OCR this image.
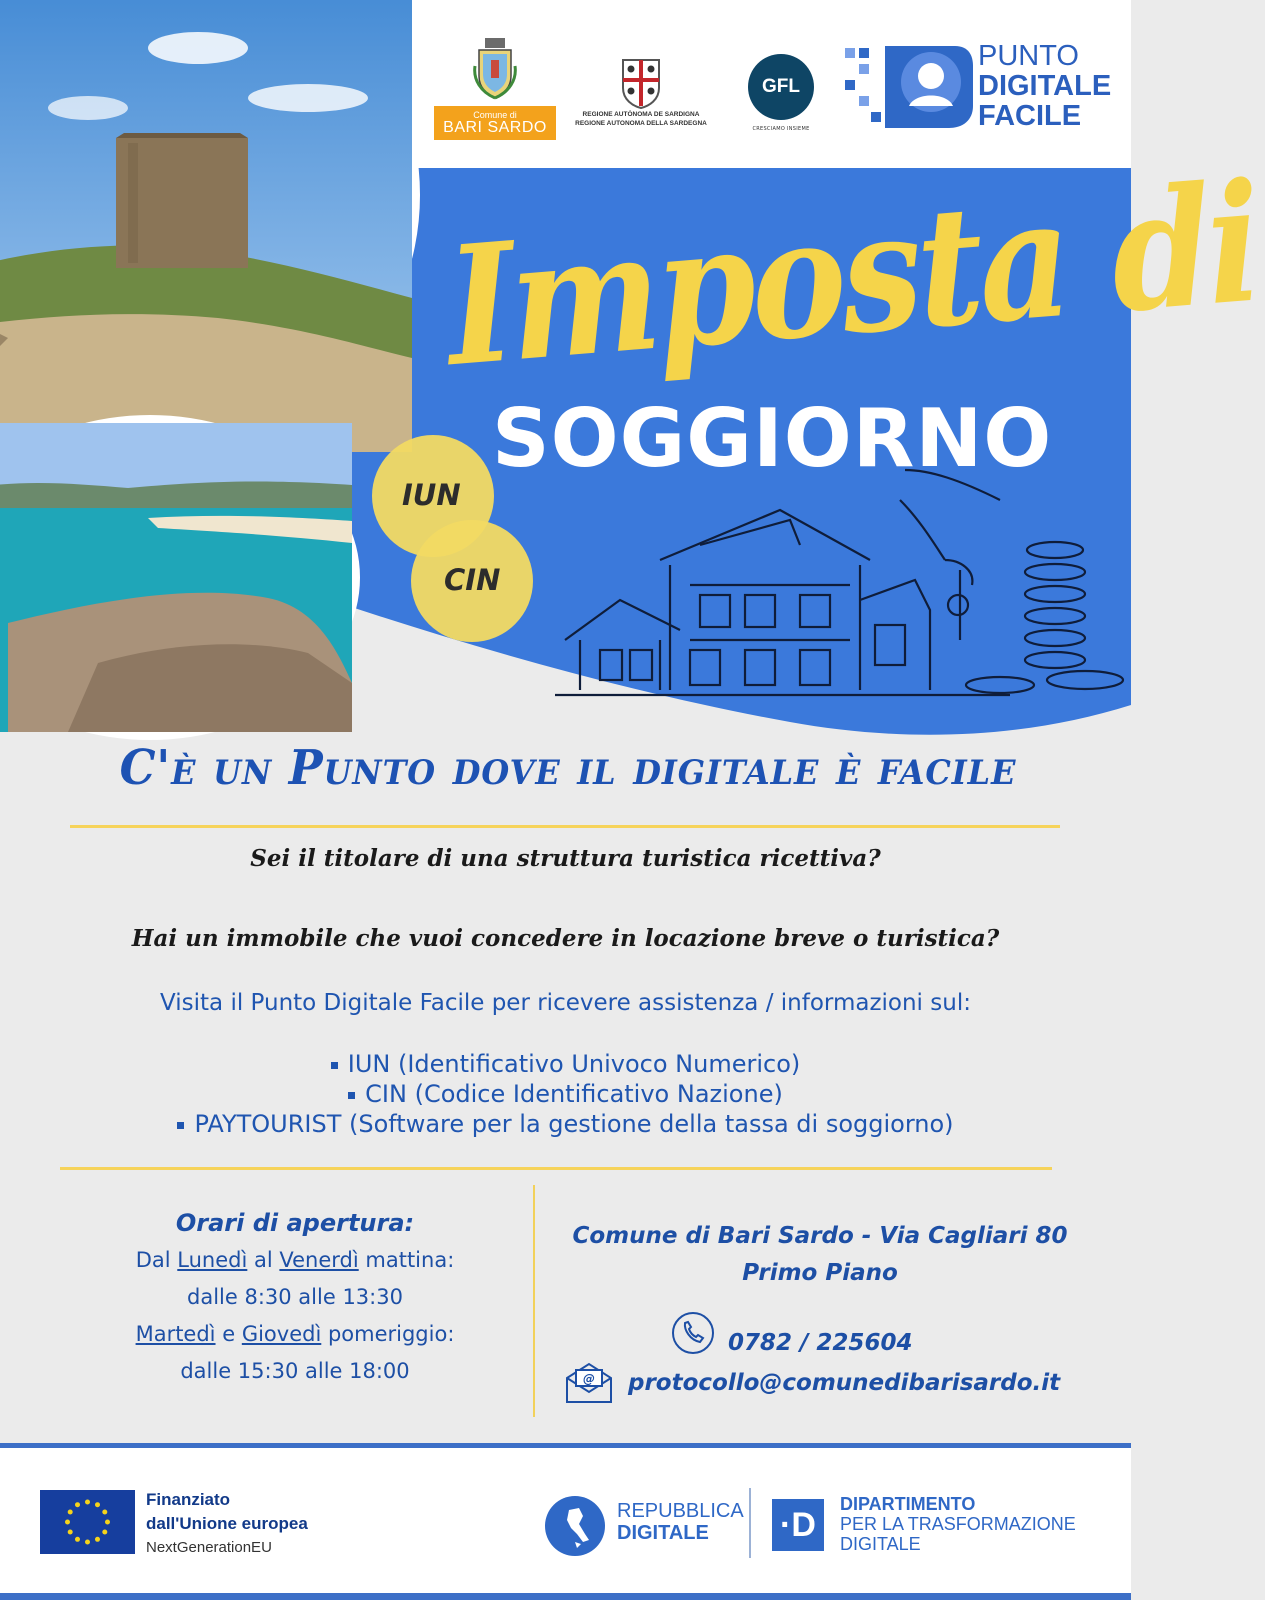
Comune di
BARI SARDO
REGIONE AUTÒNOMA DE SARDIGNA
REGIONE AUTONOMA DELLA SARDEGNA
GFL
CRESCIAMO INSIEME
PUNTO
DIGITALE
FACILE
Imposta di
SOGGIORNO
IUN
CIN
C'è un Punto dove il digitale è facile
Sei il titolare di una struttura turistica ricettiva?
Hai un immobile che vuoi concedere in locazione breve o turistica?
Visita il Punto Digitale Facile per ricevere assistenza / informazioni sul:
IUN (Identificativo Univoco Numerico)
CIN (Codice Identificativo Nazione)
PAYTOURIST (Software per la gestione della tassa di soggiorno)
Orari di apertura:
Dal Lunedì al Venerdì mattina:
dalle 8:30 alle 13:30
Martedì e Giovedì pomeriggio:
dalle 15:30 alle 18:00
Comune di Bari Sardo - Via Cagliari 80
Primo Piano
0782 / 225604
@ protocollo@comunedibarisardo.it
Finanziato
dall'Unione europea
NextGenerationEU
REPUBBLICA
DIGITALE	·D
DIPARTIMENTO
PER LA TRASFORMAZIONE
DIGITALE
